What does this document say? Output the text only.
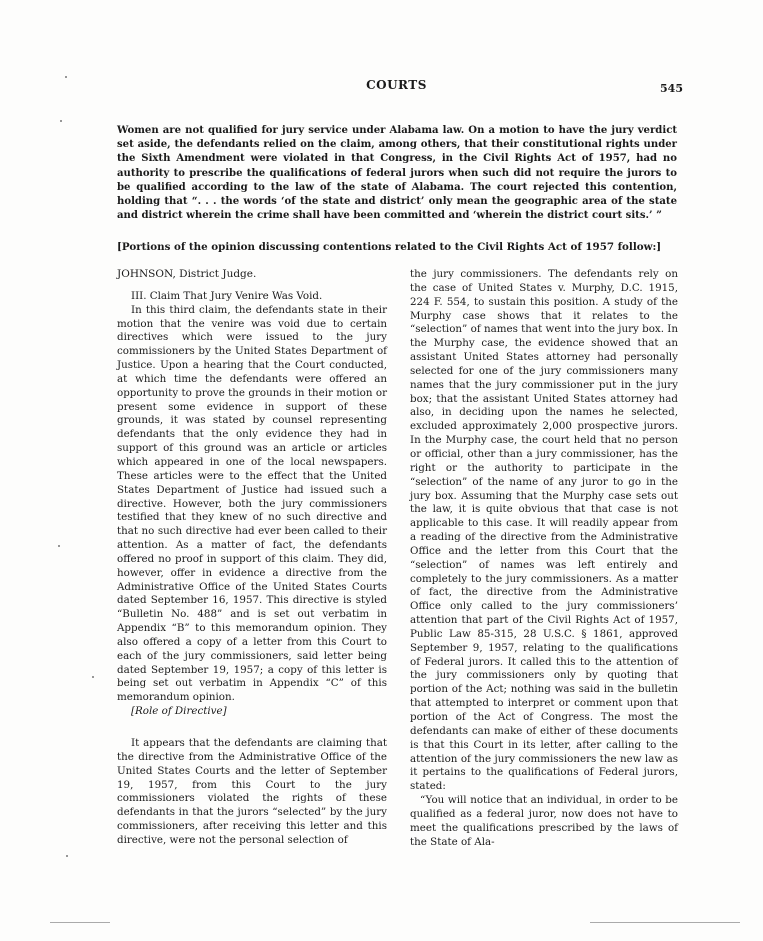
COURTS	545
Women are not qualified for jury service under Alabama law. On a motion to have the jury verdict set aside, the defendants relied on the claim, among others, that their constitutional rights under the Sixth Amendment were violated in that Congress, in the Civil Rights Act of 1957, had no authority to prescribe the qualifications of federal jurors when such did not require the jurors to be qualified according to the law of the state of Alabama. The court rejected this contention, holding that “. . . the words ‘of the state and district’ only mean the geographic area of the state and district wherein the crime shall have been committed and ‘wherein the district court sits.’ ”
[Portions of the opinion discussing contentions related to the Civil Rights Act of 1957 follow:]

JOHNSON, District Judge.

III. Claim That Jury Venire Was Void.

In this third claim, the defendants state in their motion that the venire was void due to certain directives which were issued to the jury commissioners by the United States Department of Justice. Upon a hearing that the Court conducted, at which time the defendants were offered an opportunity to prove the grounds in their motion or present some evidence in support of these grounds, it was stated by counsel representing defendants that the only evidence they had in support of this ground was an article or articles which appeared in one of the local newspapers. These articles were to the effect that the United States Department of Justice had issued such a directive. However, both the jury commissioners testified that they knew of no such directive and that no such directive had ever been called to their attention. As a matter of fact, the defendants offered no proof in support of this claim. They did, however, offer in evidence a directive from the Administrative Office of the United States Courts dated September 16, 1957. This directive is styled “Bulletin No. 488” and is set out verbatim in Appendix “B” to this memorandum opinion. They also offered a copy of a letter from this Court to each of the jury commissioners, said letter being dated September 19, 1957; a copy of this letter is being set out verbatim in Appendix “C” of this memorandum opinion.

[Role of Directive]

It appears that the defendants are claiming that the directive from the Administrative Office of the United States Courts and the letter of September 19, 1957, from this Court to the jury commissioners violated the rights of these defendants in that the jurors “selected” by the jury commissioners, after receiving this letter and this directive, were not the personal selection of

the jury commissioners. The defendants rely on the case of United States v. Murphy, D.C. 1915, 224 F. 554, to sustain this position. A study of the Murphy case shows that it relates to the “selection” of names that went into the jury box. In the Murphy case, the evidence showed that an assistant United States attorney had personally selected for one of the jury commissioners many names that the jury commissioner put in the jury box; that the assistant United States attorney had also, in deciding upon the names he selected, excluded approximately 2,000 prospective jurors. In the Murphy case, the court held that no person or official, other than a jury commissioner, has the right or the authority to participate in the “selection” of the name of any juror to go in the jury box. Assuming that the Murphy case sets out the law, it is quite obvious that that case is not applicable to this case. It will readily appear from a reading of the directive from the Administrative Office and the letter from this Court that the “selection” of names was left entirely and completely to the jury commissioners. As a matter of fact, the directive from the Administrative Office only called to the jury commissioners’ attention that part of the Civil Rights Act of 1957, Public Law 85-315, 28 U.S.C. § 1861, approved September 9, 1957, relating to the qualifications of Federal jurors. It called this to the attention of the jury commissioners only by quoting that portion of the Act; nothing was said in the bulletin that attempted to interpret or comment upon that portion of the Act of Congress. The most the defendants can make of either of these documents is that this Court in its letter, after calling to the attention of the jury commissioners the new law as it pertains to the qualifications of Federal jurors, stated:

“You will notice that an individual, in order to be qualified as a federal juror, now does not have to meet the qualifications prescribed by the laws of the State of Ala-
